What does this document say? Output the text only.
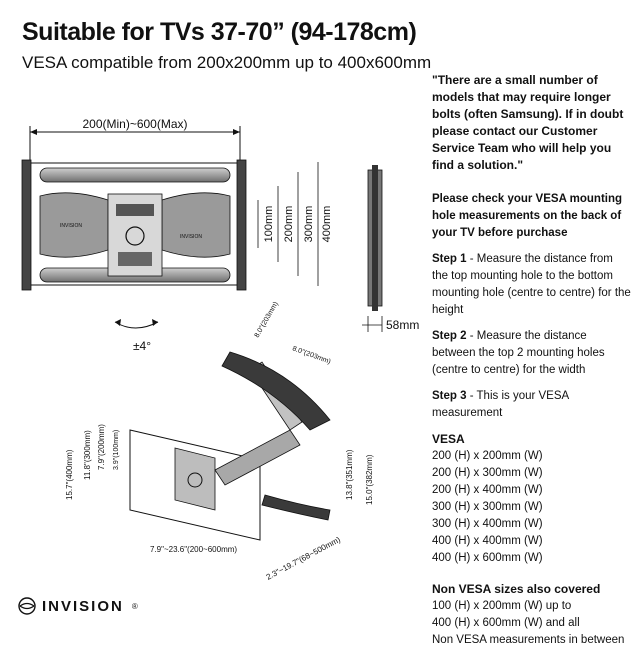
Suitable for TVs 37-70” (94-178cm)
VESA compatible from 200x200mm up to 400x600mm
"There are a small number of models that may require longer bolts (often Samsung). If in doubt please contact our Customer Service Team who will help you find a solution."
Please check your VESA mounting hole measurements on the back of your TV before purchase
Step 1 - Measure the distance from the top mounting hole to the bottom mounting hole (centre to centre) for the height
Step 2 - Measure the distance between the top 2 mounting holes (centre to centre) for the width
Step 3 - This is your VESA measurement
VESA
200 (H) x 200mm (W)
200 (H) x 300mm (W)
200 (H) x 400mm (W)
300 (H) x 300mm (W)
300 (H) x 400mm (W)
400 (H) x 400mm (W)
400 (H) x 600mm (W)
Non VESA sizes also covered
100 (H) x 200mm (W) up to
400 (H) x 600mm (W) and all
Non VESA measurements in between
200(Min)~600(Max)
INVISION
INVISION	100mm 200mm 300mm 400mm
±4°
58mm
8.0"(203mm)
8.0"(203mm)
15.7"(400mm) 11.8"(300mm) 7.9"(200mm) 3.9"(100mm)	13.8"(351mm) 15.0"(382mm)
7.9"~23.6"(200~600mm)	2.3"~19.7"(68~500mm)
INVISION ®
